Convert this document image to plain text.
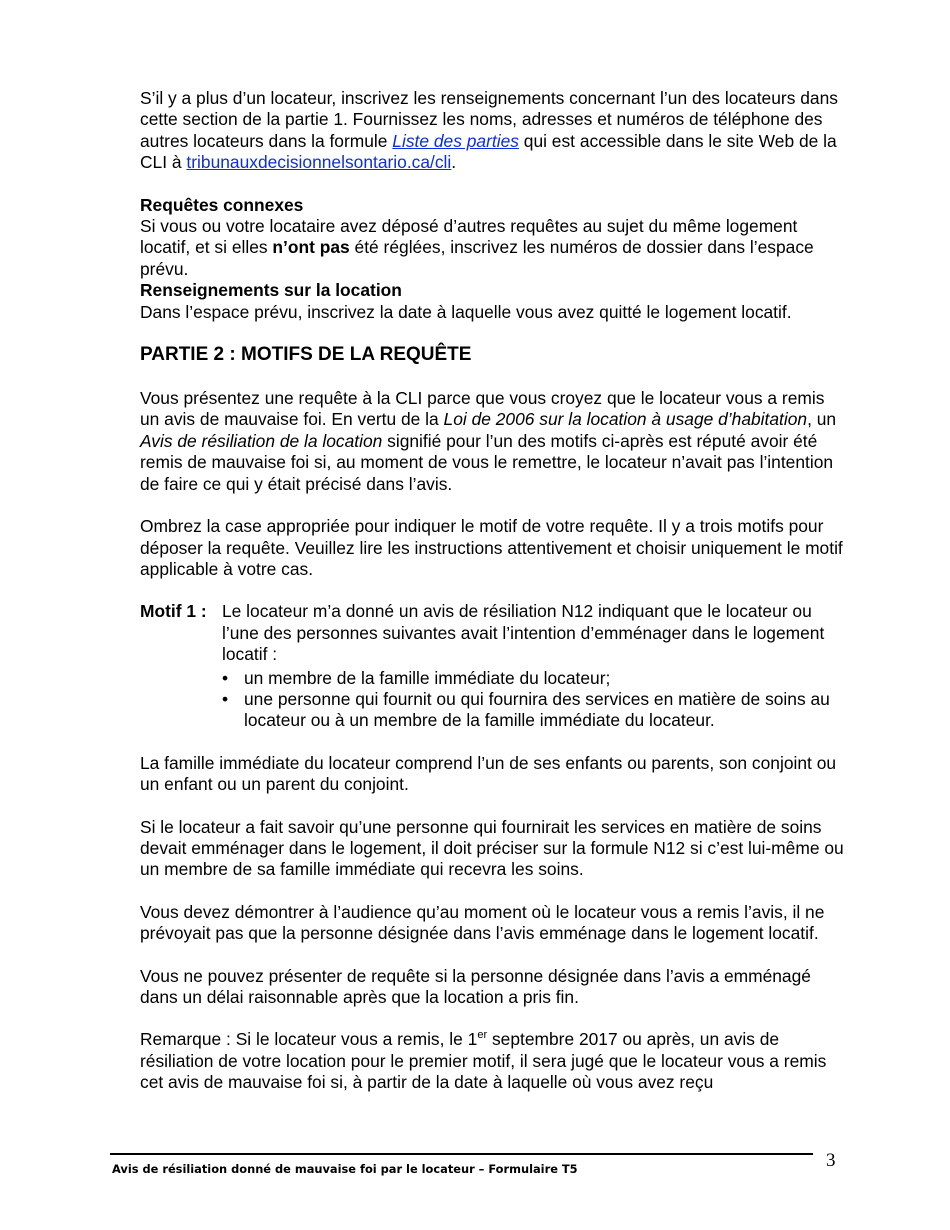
S’il y a plus d’un locateur, inscrivez les renseignements concernant l’un des locateurs dans cette section de la partie 1. Fournissez les noms, adresses et numéros de téléphone des autres locateurs dans la formule Liste des parties qui est accessible dans le site Web de la CLI à tribunauxdecisionnelsontario.ca/cli.

Requêtes connexes

Si vous ou votre locataire avez déposé d’autres requêtes au sujet du même logement locatif, et si elles n’ont pas été réglées, inscrivez les numéros de dossier dans l’espace prévu.

Renseignements sur la location

Dans l’espace prévu, inscrivez la date à laquelle vous avez quitté le logement locatif.

PARTIE 2 : MOTIFS DE LA REQUÊTE

Vous présentez une requête à la CLI parce que vous croyez que le locateur vous a remis un avis de mauvaise foi. En vertu de la Loi de 2006 sur la location à usage d’habitation, un Avis de résiliation de la location signifié pour l’un des motifs ci-après est réputé avoir été remis de mauvaise foi si, au moment de vous le remettre, le locateur n’avait pas l’intention de faire ce qui y était précisé dans l’avis.

Ombrez la case appropriée pour indiquer le motif de votre requête. Il y a trois motifs pour déposer la requête. Veuillez lire les instructions attentivement et choisir uniquement le motif applicable à votre cas.

Motif 1 : Le locateur m’a donné un avis de résiliation N12 indiquant que le locateur ou l’une des personnes suivantes avait l’intention d’emménager dans le logement locatif :

• un membre de la famille immédiate du locateur;
• une personne qui fournit ou qui fournira des services en matière de soins au locateur ou à un membre de la famille immédiate du locateur.

La famille immédiate du locateur comprend l’un de ses enfants ou parents, son conjoint ou un enfant ou un parent du conjoint.

Si le locateur a fait savoir qu’une personne qui fournirait les services en matière de soins devait emménager dans le logement, il doit préciser sur la formule N12 si c’est lui-même ou un membre de sa famille immédiate qui recevra les soins.

Vous devez démontrer à l’audience qu’au moment où le locateur vous a remis l’avis, il ne prévoyait pas que la personne désignée dans l’avis emménage dans le logement locatif.

Vous ne pouvez présenter de requête si la personne désignée dans l’avis a emménagé dans un délai raisonnable après que la location a pris fin.

Remarque : Si le locateur vous a remis, le 1er septembre 2017 ou après, un avis de résiliation de votre location pour le premier motif, il sera jugé que le locateur vous a remis cet avis de mauvaise foi si, à partir de la date à laquelle où vous avez reçu

Avis de résiliation donné de mauvaise foi par le locateur – Formulaire T5	3
